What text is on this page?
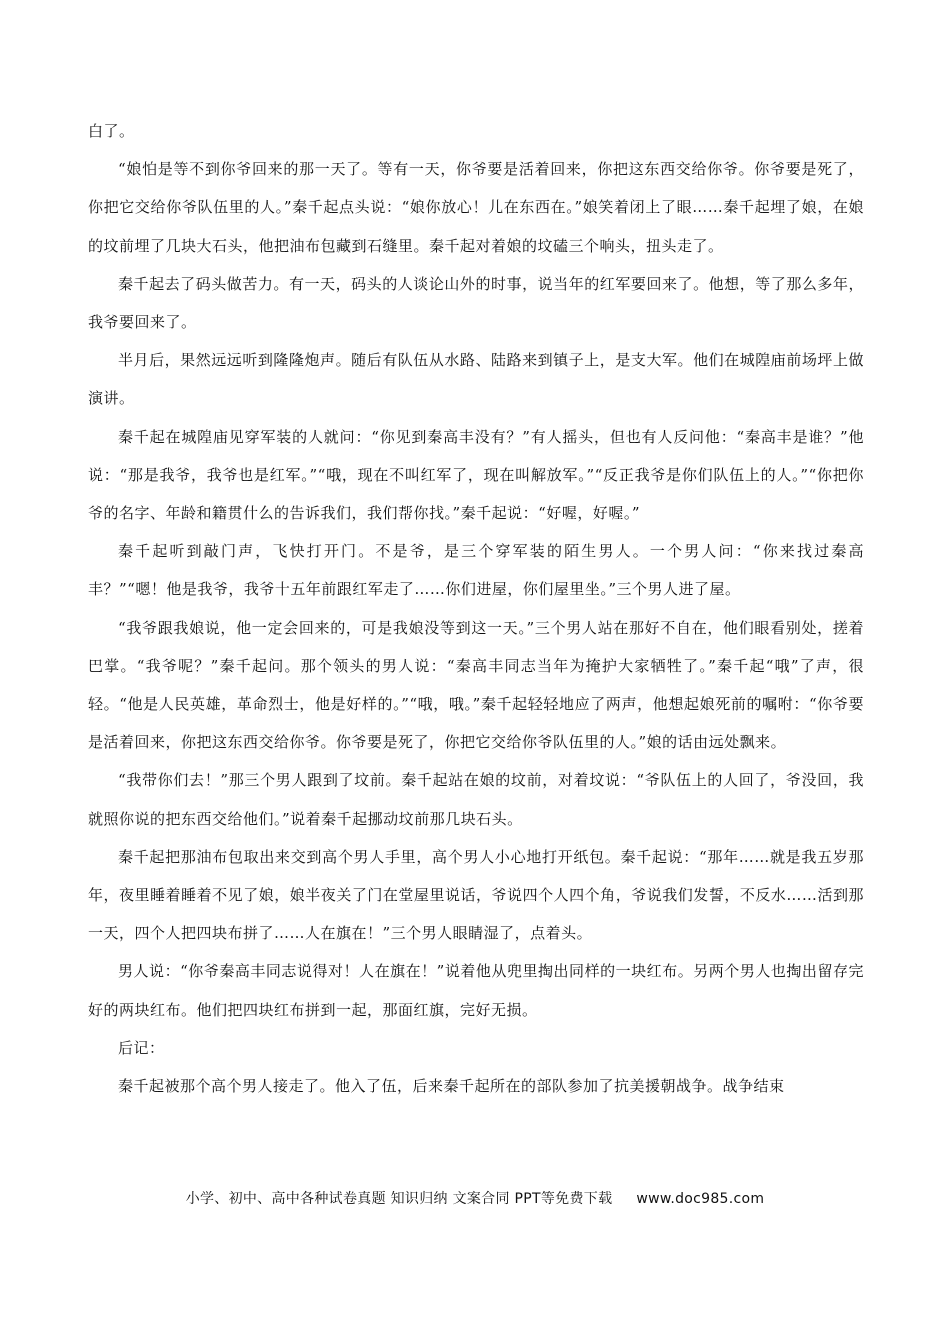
白了。

“娘怕是等不到你爷回来的那一天了。等有一天，你爷要是活着回来，你把这东西交给你爷。你爷要是死了，你把它交给你爷队伍里的人。”秦千起点头说：“娘你放心！儿在东西在。”娘笑着闭上了眼……秦千起埋了娘，在娘的坟前埋了几块大石头，他把油布包藏到石缝里。秦千起对着娘的坟磕三个响头，扭头走了。

秦千起去了码头做苦力。有一天，码头的人谈论山外的时事，说当年的红军要回来了。他想，等了那么多年，我爷要回来了。

半月后，果然远远听到隆隆炮声。随后有队伍从水路、陆路来到镇子上，是支大军。他们在城隍庙前场坪上做演讲。

秦千起在城隍庙见穿军装的人就问：“你见到秦高丰没有？”有人摇头，但也有人反问他：“秦高丰是谁？”他说：“那是我爷，我爷也是红军。”“哦，现在不叫红军了，现在叫解放军。”“反正我爷是你们队伍上的人。”“你把你爷的名字、年龄和籍贯什么的告诉我们，我们帮你找。”秦千起说：“好喔，好喔。”

秦千起听到敲门声，飞快打开门。不是爷，是三个穿军装的陌生男人。一个男人问：“你来找过秦高丰？”“嗯！他是我爷，我爷十五年前跟红军走了……你们进屋，你们屋里坐。”三个男人进了屋。

“我爷跟我娘说，他一定会回来的，可是我娘没等到这一天。”三个男人站在那好不自在，他们眼看别处，搓着巴掌。“我爷呢？”秦千起问。那个领头的男人说：“秦高丰同志当年为掩护大家牺牲了。”秦千起“哦”了声，很轻。“他是人民英雄，革命烈士，他是好样的。”“哦，哦。”秦千起轻轻地应了两声，他想起娘死前的嘱咐：“你爷要是活着回来，你把这东西交给你爷。你爷要是死了，你把它交给你爷队伍里的人。”娘的话由远处飘来。

“我带你们去！”那三个男人跟到了坟前。秦千起站在娘的坟前，对着坟说：“爷队伍上的人回了，爷没回，我就照你说的把东西交给他们。”说着秦千起挪动坟前那几块石头。

秦千起把那油布包取出来交到高个男人手里，高个男人小心地打开纸包。秦千起说：“那年……就是我五岁那年，夜里睡着睡着不见了娘，娘半夜关了门在堂屋里说话，爷说四个人四个角，爷说我们发誓，不反水……活到那一天，四个人把四块布拼了……人在旗在！”三个男人眼睛湿了，点着头。

男人说：“你爷秦高丰同志说得对！人在旗在！”说着他从兜里掏出同样的一块红布。另两个男人也掏出留存完好的两块红布。他们把四块红布拼到一起，那面红旗，完好无损。

后记：

秦千起被那个高个男人接走了。他入了伍，后来秦千起所在的部队参加了抗美援朝战争。战争结束

小学、初中、高中各种试卷真题 知识归纳 文案合同 PPT等免费下载 www.doc985.com
